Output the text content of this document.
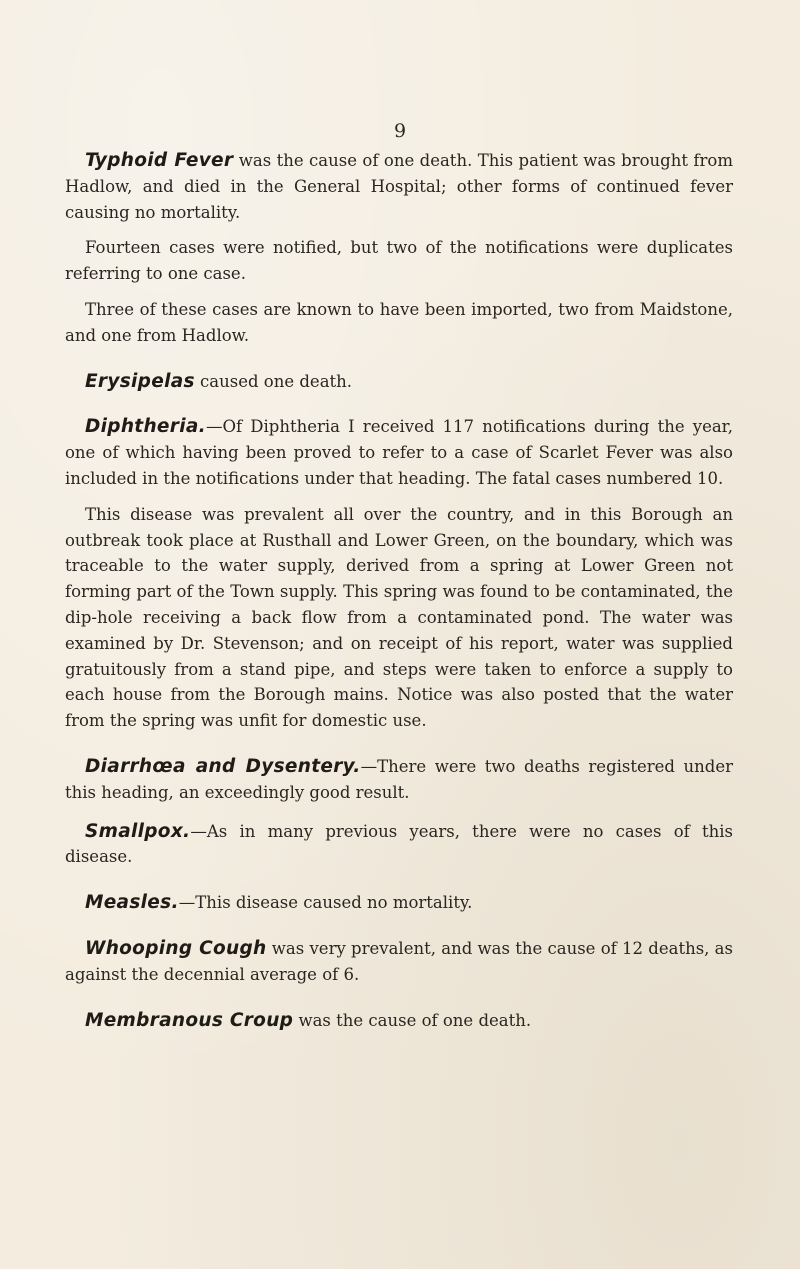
9

Typhoid Fever was the cause of one death. This patient was brought from Hadlow, and died in the General Hospital; other forms of continued fever causing no mortality.

Fourteen cases were notified, but two of the notifications were duplicates referring to one case.

Three of these cases are known to have been imported, two from Maidstone, and one from Hadlow.

Erysipelas caused one death.

Diphtheria.—Of Diphtheria I received 117 notifications during the year, one of which having been proved to refer to a case of Scarlet Fever was also included in the notifications under that heading. The fatal cases numbered 10.

This disease was prevalent all over the country, and in this Borough an outbreak took place at Rusthall and Lower Green, on the boundary, which was traceable to the water supply, derived from a spring at Lower Green not forming part of the Town supply. This spring was found to be contaminated, the dip-hole receiving a back flow from a contaminated pond. The water was examined by Dr. Stevenson; and on receipt of his report, water was supplied gratuitously from a stand pipe, and steps were taken to enforce a supply to each house from the Borough mains. Notice was also posted that the water from the spring was unfit for domestic use.

Diarrhœa and Dysentery.—There were two deaths registered under this heading, an exceedingly good result.

Smallpox.—As in many previous years, there were no cases of this disease.

Measles.—This disease caused no mortality.

Whooping Cough was very prevalent, and was the cause of 12 deaths, as against the decennial average of 6.

Membranous Croup was the cause of one death.
